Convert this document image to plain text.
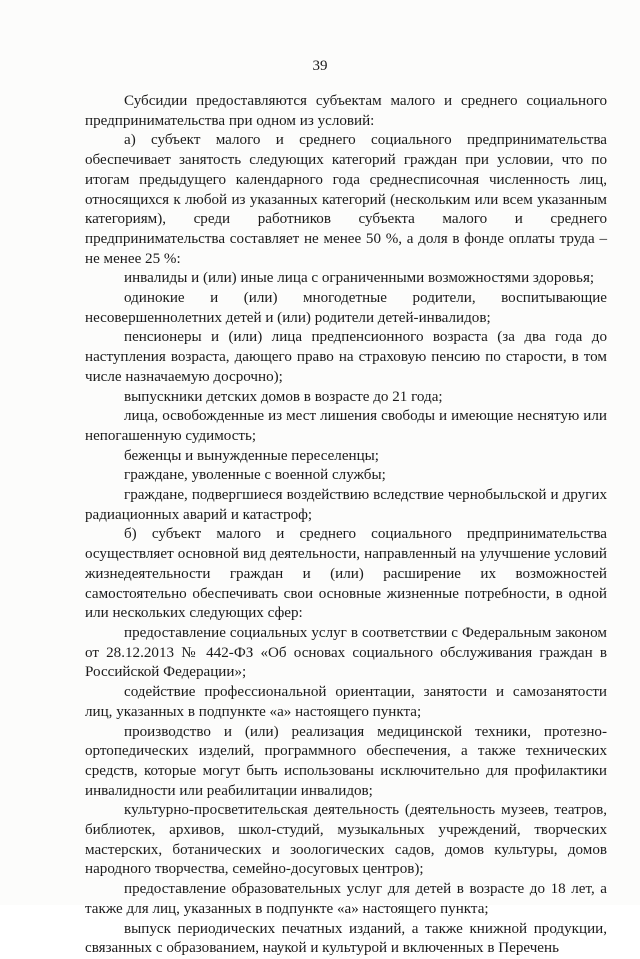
39

Субсидии предоставляются субъектам малого и среднего социального предпринимательства при одном из условий:

а) субъект малого и среднего социального предпринимательства обеспечивает занятость следующих категорий граждан при условии, что по итогам предыдущего календарного года среднесписочная численность лиц, относящихся к любой из указанных категорий (нескольким или всем указанным категориям), среди работников субъекта малого и среднего предпринимательства составляет не менее 50 %, а доля в фонде оплаты труда – не менее 25 %:

инвалиды и (или) иные лица с ограниченными возможностями здоровья;

одинокие и (или) многодетные родители, воспитывающие несовершеннолетних детей и (или) родители детей-инвалидов;

пенсионеры и (или) лица предпенсионного возраста (за два года до наступления возраста, дающего право на страховую пенсию по старости, в том числе назначаемую досрочно);

выпускники детских домов в возрасте до 21 года;

лица, освобожденные из мест лишения свободы и имеющие неснятую или непогашенную судимость;

беженцы и вынужденные переселенцы;

граждане, уволенные с военной службы;

граждане, подвергшиеся воздействию вследствие чернобыльской и других радиационных аварий и катастроф;

б) субъект малого и среднего социального предпринимательства осуществляет основной вид деятельности, направленный на улучшение условий жизнедеятельности граждан и (или) расширение их возможностей самостоятельно обеспечивать свои основные жизненные потребности, в одной или нескольких следующих сфер:

предоставление социальных услуг в соответствии с Федеральным законом от 28.12.2013 № 442-ФЗ «Об основах социального обслуживания граждан в Российской Федерации»;

содействие профессиональной ориентации, занятости и самозанятости лиц, указанных в подпункте «а» настоящего пункта;

производство и (или) реализация медицинской техники, протезно-ортопедических изделий, программного обеспечения, а также технических средств, которые могут быть использованы исключительно для профилактики инвалидности или реабилитации инвалидов;

культурно-просветительская деятельность (деятельность музеев, театров, библиотек, архивов, школ-студий, музыкальных учреждений, творческих мастерских, ботанических и зоологических садов, домов культуры, домов народного творчества, семейно-досуговых центров);

предоставление образовательных услуг для детей в возрасте до 18 лет, а также для лиц, указанных в подпункте «а» настоящего пункта;

выпуск периодических печатных изданий, а также книжной продукции, связанных с образованием, наукой и культурой и включенных в Перечень
